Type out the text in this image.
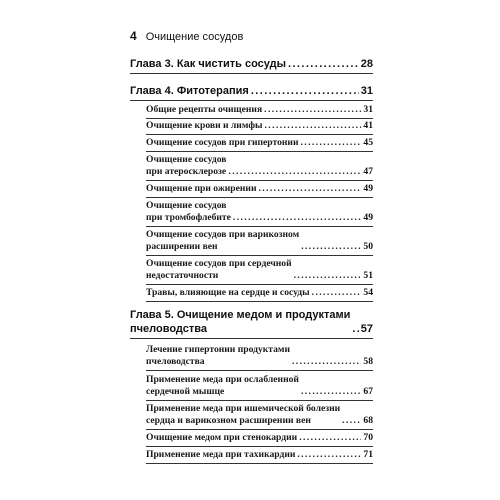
4 Очищение сосудов
Глава 3. Как чистить сосуды .....	28
Глава 4. Фитотерапия .....	31
Общие рецепты очищения .....	31
Очищение крови и лимфы .....	41
Очищение сосудов при гипертонии .....	45
Очищение сосудов
при атеросклерозе .....	47
Очищение при ожирении .....	49
Очищение сосудов
при тромбофлебите .....	49
Очищение сосудов при варикозном
расширении вен .....	50
Очищение сосудов при сердечной
недостаточности .....	51
Травы, влияющие на сердце и сосуды .....	54
Глава 5. Очищение медом и продуктами
пчеловодства .....	57
Лечение гипертонии продуктами
пчеловодства .....	58
Применение меда при ослабленной
сердечной мышце .....	67
Применение меда при ишемической болезни
сердца и варикозном расширении вен .....	68
Очищение медом при стенокардии .....	70
Применение меда при тахикардии .....	71
